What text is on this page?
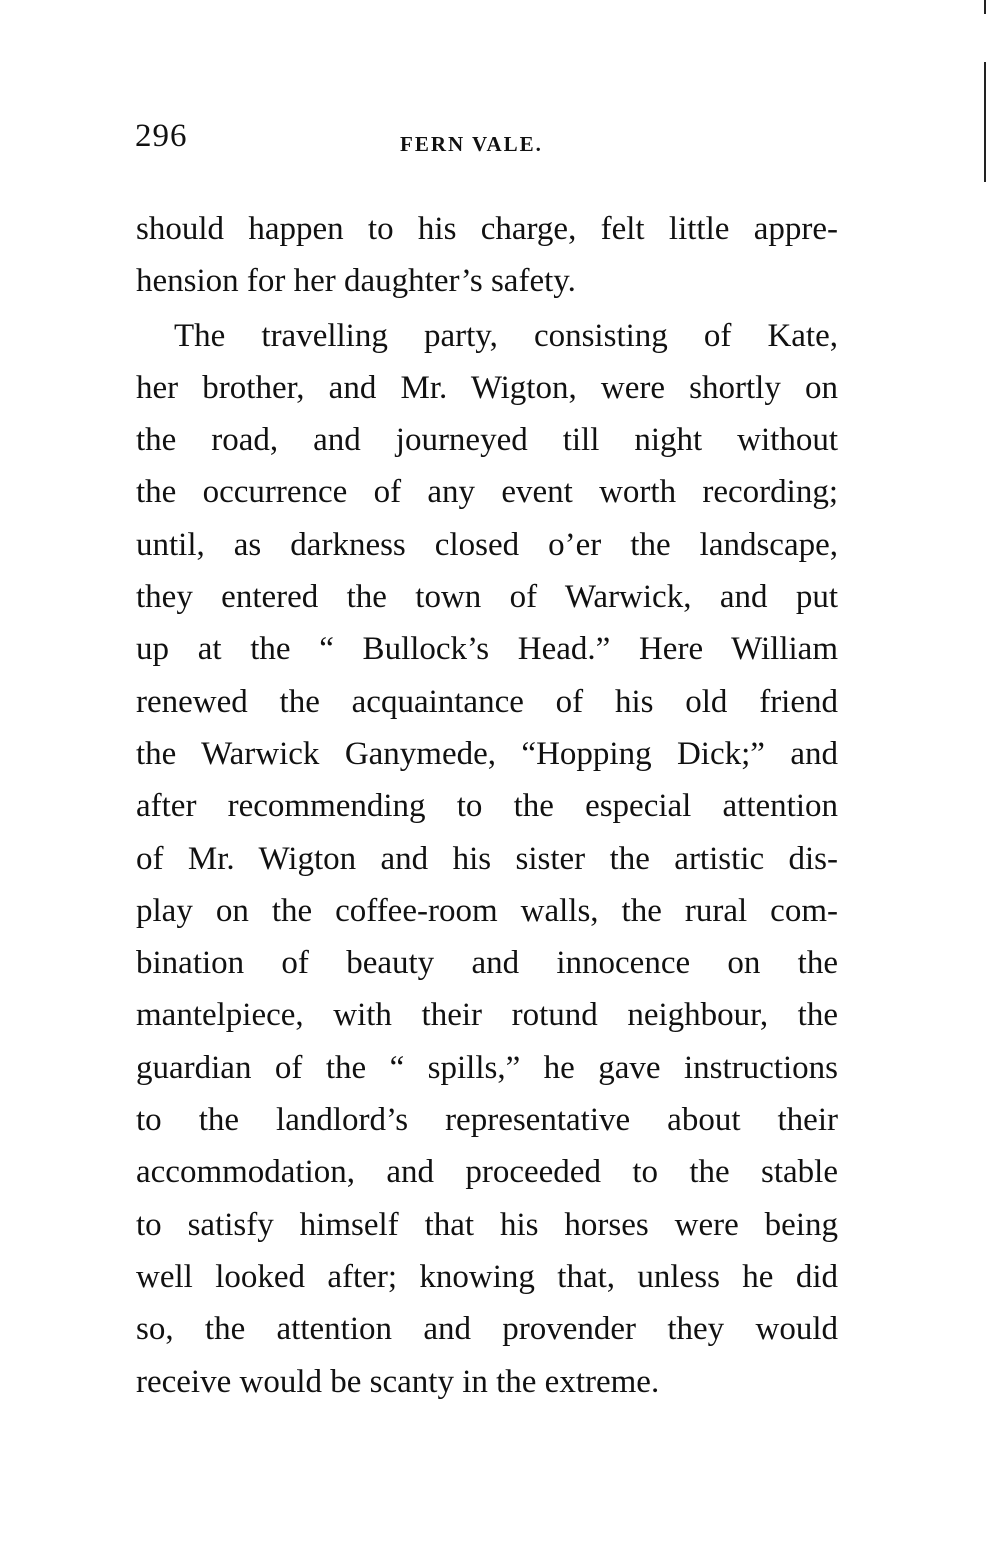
296	FERN VALE.
should happen to his charge, felt little appre-
hension for her daughter’s safety.
The travelling party, consisting of Kate,
her brother, and Mr. Wigton, were shortly on
the road, and journeyed till night without
the occurrence of any event worth recording;
until, as darkness closed o’er the landscape,
they entered the town of Warwick, and put
up at the “ Bullock’s Head.” Here William
renewed the acquaintance of his old friend
the Warwick Ganymede, “Hopping Dick;” and
after recommending to the especial attention
of Mr. Wigton and his sister the artistic dis-
play on the coffee-room walls, the rural com-
bination of beauty and innocence on the
mantelpiece, with their rotund neighbour, the
guardian of the “ spills,” he gave instructions
to the landlord’s representative about their
accommodation, and proceeded to the stable
to satisfy himself that his horses were being
well looked after; knowing that, unless he did
so, the attention and provender they would
receive would be scanty in the extreme.
